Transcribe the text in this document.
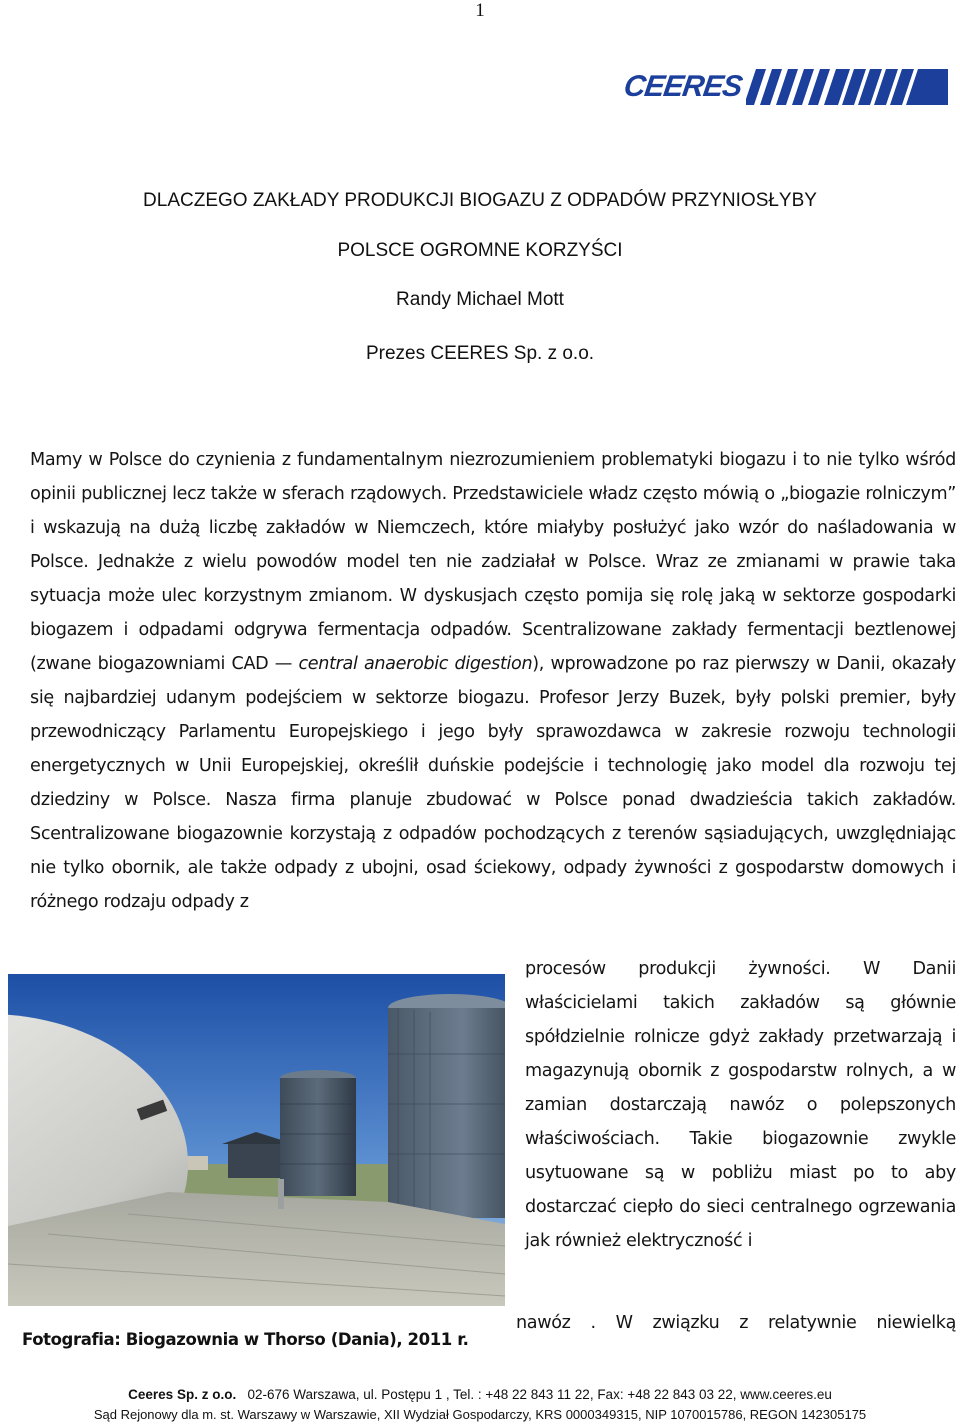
1
CEERES
DLACZEGO ZAKŁADY PRODUKCJI BIOGAZU Z ODPADÓW PRZYNIOSŁYBY
POLSCE OGROMNE KORZYŚCI
Randy Michael Mott
Prezes CEERES Sp. z o.o.

Mamy w Polsce do czynienia z fundamentalnym niezrozumieniem problematyki biogazu i to nie tylko wśród opinii publicznej lecz także w sferach rządowych. Przedstawiciele władz często mówią o „biogazie rolniczym” i wskazują na dużą liczbę zakładów w Niemczech, które miałyby posłużyć jako wzór do naśladowania w Polsce. Jednakże z wielu powodów model ten nie zadziałał w Polsce. Wraz ze zmianami w prawie taka sytuacja może ulec korzystnym zmianom. W dyskusjach często pomija się rolę jaką w sektorze gospodarki biogazem i odpadami odgrywa fermentacja odpadów. Scentralizowane zakłady fermentacji beztlenowej (zwane biogazowniami CAD — central anaerobic digestion), wprowadzone po raz pierwszy w Danii, okazały się najbardziej udanym podejściem w sektorze biogazu. Profesor Jerzy Buzek, były polski premier, były przewodniczący Parlamentu Europejskiego i jego były sprawozdawca w zakresie rozwoju technologii energetycznych w Unii Europejskiej, określił duńskie podejście i technologię jako model dla rozwoju tej dziedziny w Polsce. Nasza firma planuje zbudować w Polsce ponad dwadzieścia takich zakładów. Scentralizowane biogazownie korzystają z odpadów pochodzących z terenów sąsiadujących, uwzględniając nie tylko obornik, ale także odpady z ubojni, osad ściekowy, odpady żywności z gospodarstw domowych i różnego rodzaju odpady z

Fotografia: Biogazownia w Thorso (Dania), 2011 r.

procesów produkcji żywności. W Danii właścicielami takich zakładów są głównie spółdzielnie rolnicze gdyż zakłady przetwarzają i magazynują obornik z gospodarstw rolnych, a w zamian dostarczają nawóz o polepszonych właściwościach. Takie biogazownie zwykle usytuowane są w pobliżu miast po to aby dostarczać ciepło do sieci centralnego ogrzewania jak również elektryczność i

nawóz . W związku z relatywnie niewielką
Ceeres Sp. z o.o. 02-676 Warszawa, ul. Postępu 1 , Tel. : +48 22 843 11 22, Fax: +48 22 843 03 22, www.ceeres.eu
Sąd Rejonowy dla m. st. Warszawy w Warszawie, XII Wydział Gospodarczy, KRS 0000349315, NIP 1070015786, REGON 142305175
